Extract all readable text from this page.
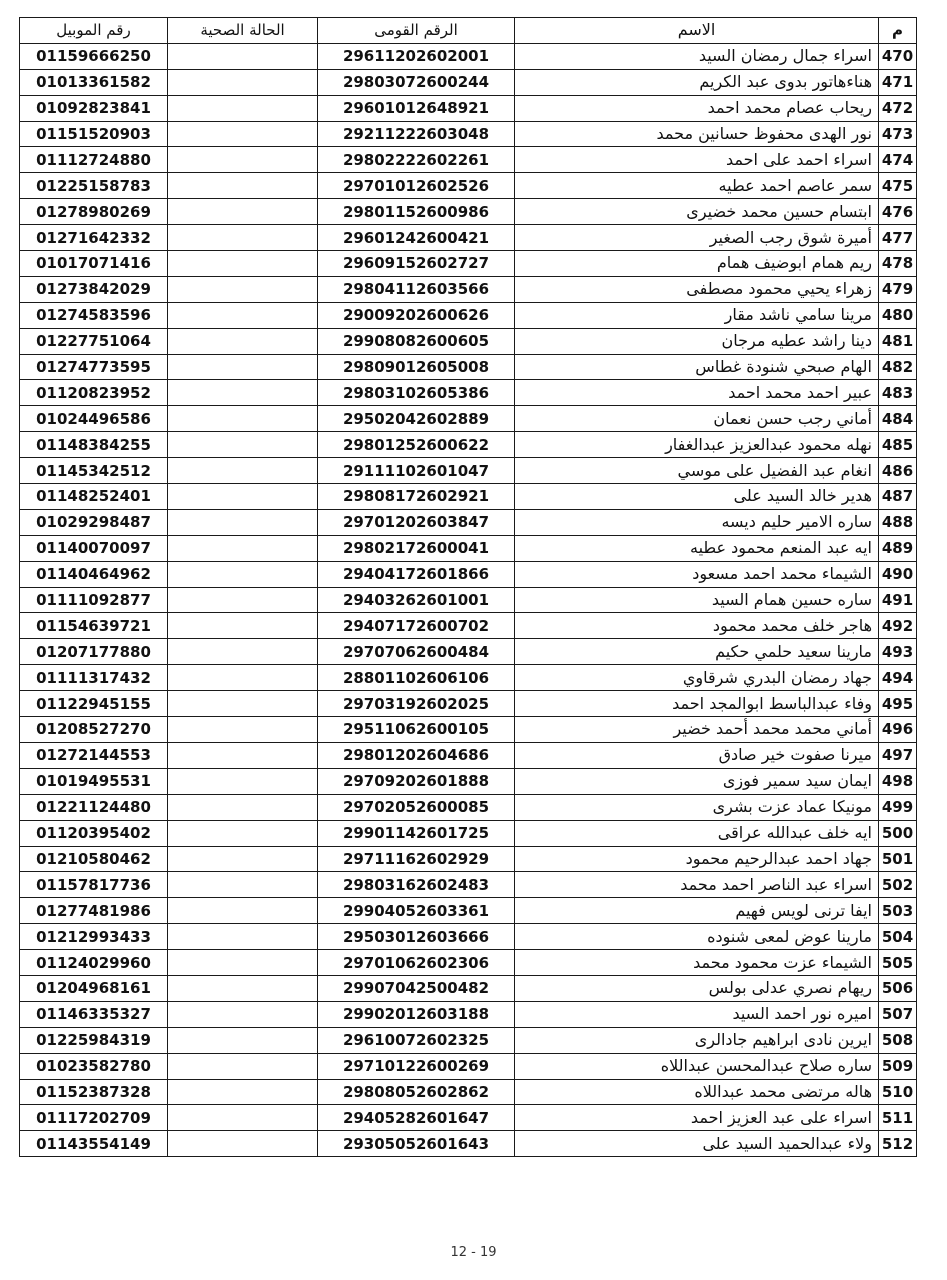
م	الاسم	الرقم القومى	الحالة الصحية	رقم الموبيل
470	اسراء جمال رمضان السيد	29611202602001		01159666250
471	هناءهاتور بدوى عبد الكريم	29803072600244		01013361582
472	ريحاب عصام محمد احمد	29601012648921		01092823841
473	نور الهدى محفوظ حسانين محمد	29211222603048		01151520903
474	اسراء احمد على احمد	29802222602261		01112724880
475	سمر عاصم احمد عطيه	29701012602526		01225158783
476	ابتسام حسين محمد خضيرى	29801152600986		01278980269
477	أميرة شوق رجب الصغير	29601242600421		01271642332
478	ريم همام ابوضيف همام	29609152602727		01017071416
479	زهراء يحيي محمود مصطفى	29804112603566		01273842029
480	مرينا سامي ناشد مقار	29009202600626		01274583596
481	دينا راشد عطيه مرجان	29908082600605		01227751064
482	الهام صبحي شنودة غطاس	29809012605008		01274773595
483	عبير احمد محمد احمد	29803102605386		01120823952
484	أماني رجب حسن نعمان	29502042602889		01024496586
485	نهله محمود عبدالعزيز عبدالغفار	29801252600622		01148384255
486	انغام عبد الفضيل على موسي	29111102601047		01145342512
487	هدير خالد السيد على	29808172602921		01148252401
488	ساره الامير حليم ديسه	29701202603847		01029298487
489	ايه عبد المنعم محمود عطيه	29802172600041		01140070097
490	الشيماء محمد احمد مسعود	29404172601866		01140464962
491	ساره حسين همام السيد	29403262601001		01111092877
492	هاجر خلف محمد محمود	29407172600702		01154639721
493	مارينا سعيد حلمي حكيم	29707062600484		01207177880
494	جهاد رمضان البدري شرقاوي	28801102606106		01111317432
495	وفاء عبدالباسط ابوالمجد احمد	29703192602025		01122945155
496	أماني محمد محمد أحمد خضير	29511062600105		01208527270
497	ميرنا صفوت خير صادق	29801202604686		01272144553
498	ايمان سيد سمير فوزى	29709202601888		01019495531
499	مونيكا عماد عزت بشرى	29702052600085		01221124480
500	ايه خلف عبدالله عراقى	29901142601725		01120395402
501	جهاد احمد عبدالرحيم محمود	29711162602929		01210580462
502	اسراء عبد الناصر احمد محمد	29803162602483		01157817736
503	ايفا ترنى لويس فهيم	29904052603361		01277481986
504	مارينا عوض لمعى شنوده	29503012603666		01212993433
505	الشيماء عزت محمود محمد	29701062602306		01124029960
506	ريهام نصري عدلى بولس	29907042500482		01204968161
507	اميره نور احمد السيد	29902012603188		01146335327
508	ايرين نادى ابراهيم جادالرى	29610072602325		01225984319
509	ساره صلاح عبدالمحسن عبداللاه	29710122600269		01023582780
510	هاله مرتضى محمد عبداللاه	29808052602862		01152387328
511	اسراء على عبد العزيز احمد	29405282601647		01117202709
512	ولاء عبدالحميد السيد على	29305052601643		01143554149
12 - 19
